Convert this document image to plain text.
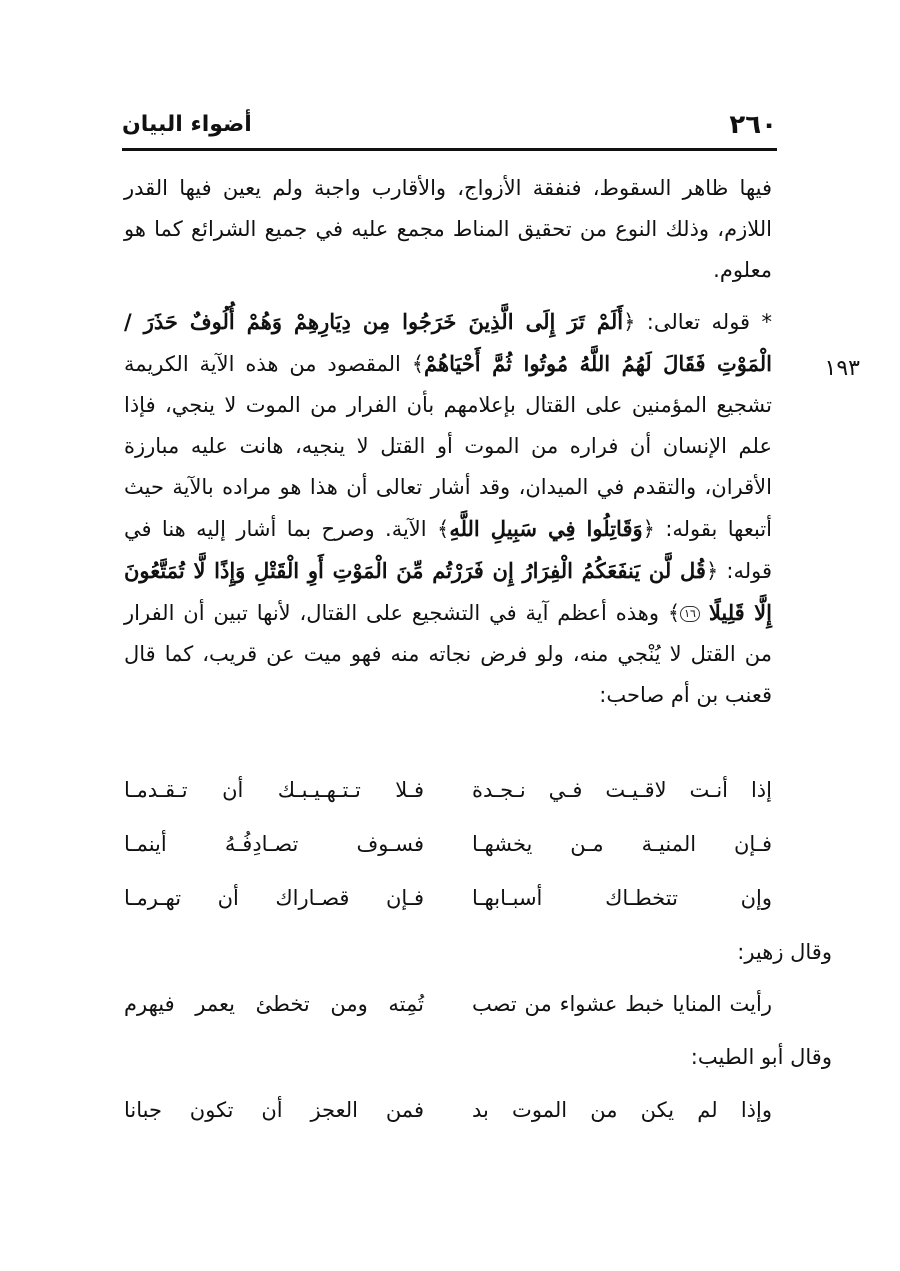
٢٦٠
أضواء البيان
١٩٣

فيها ظاهر السقوط، فنفقة الأزواج، والأقارب واجبة ولم يعين فيها القدر اللازم، وذلك النوع من تحقيق المناط مجمع عليه في جميع الشرائع كما هو معلوم.

* قوله تعالى: ﴿أَلَمْ تَرَ إِلَى الَّذِينَ خَرَجُوا مِن دِيَارِهِمْ وَهُمْ أُلُوفٌ حَذَرَ / الْمَوْتِ فَقَالَ لَهُمُ اللَّهُ مُوتُوا ثُمَّ أَحْيَاهُمْ﴾ المقصود من هذه الآية الكريمة تشجيع المؤمنين على القتال بإعلامهم بأن الفرار من الموت لا ينجي، فإذا علم الإنسان أن فراره من الموت أو القتل لا ينجيه، هانت عليه مبارزة الأقران، والتقدم في الميدان، وقد أشار تعالى أن هذا هو مراده بالآية حيث أتبعها بقوله: ﴿وَقَاتِلُوا فِي سَبِيلِ اللَّهِ﴾ الآية. وصرح بما أشار إليه هنا في قوله: ﴿قُل لَّن يَنفَعَكُمُ الْفِرَارُ إِن فَرَرْتُم مِّنَ الْمَوْتِ أَوِ الْقَتْلِ وَإِذًا لَّا تُمَتَّعُونَ إِلَّا قَلِيلًا ١٦﴾ وهذه أعظم آية في التشجيع على القتال، لأنها تبين أن الفرار من القتل لا يُنْجي منه، ولو فرض نجاته منه فهو ميت عن قريب، كما قال قعنب بن أم صاحب:

إذا أنـت لاقـيـت فـي نـجـدة
فـلا تـتـهـيـبـك أن تـقـدمـا
فـإن المنيـة مـن يخشهـا
فسـوف تصـادِفُـهُ أينمـا
وإن تتخطـاك أسبـابهـا
فـإن قصـاراك أن تهـرمـا
وقال زهير:
رأيت المنايا خبط عشواء من تصب
تُمِته ومن تخطئ يعمر فيهرم
وقال أبو الطيب:
وإذا لم يكن من الموت بد
فمن العجز أن تكون جبانا
